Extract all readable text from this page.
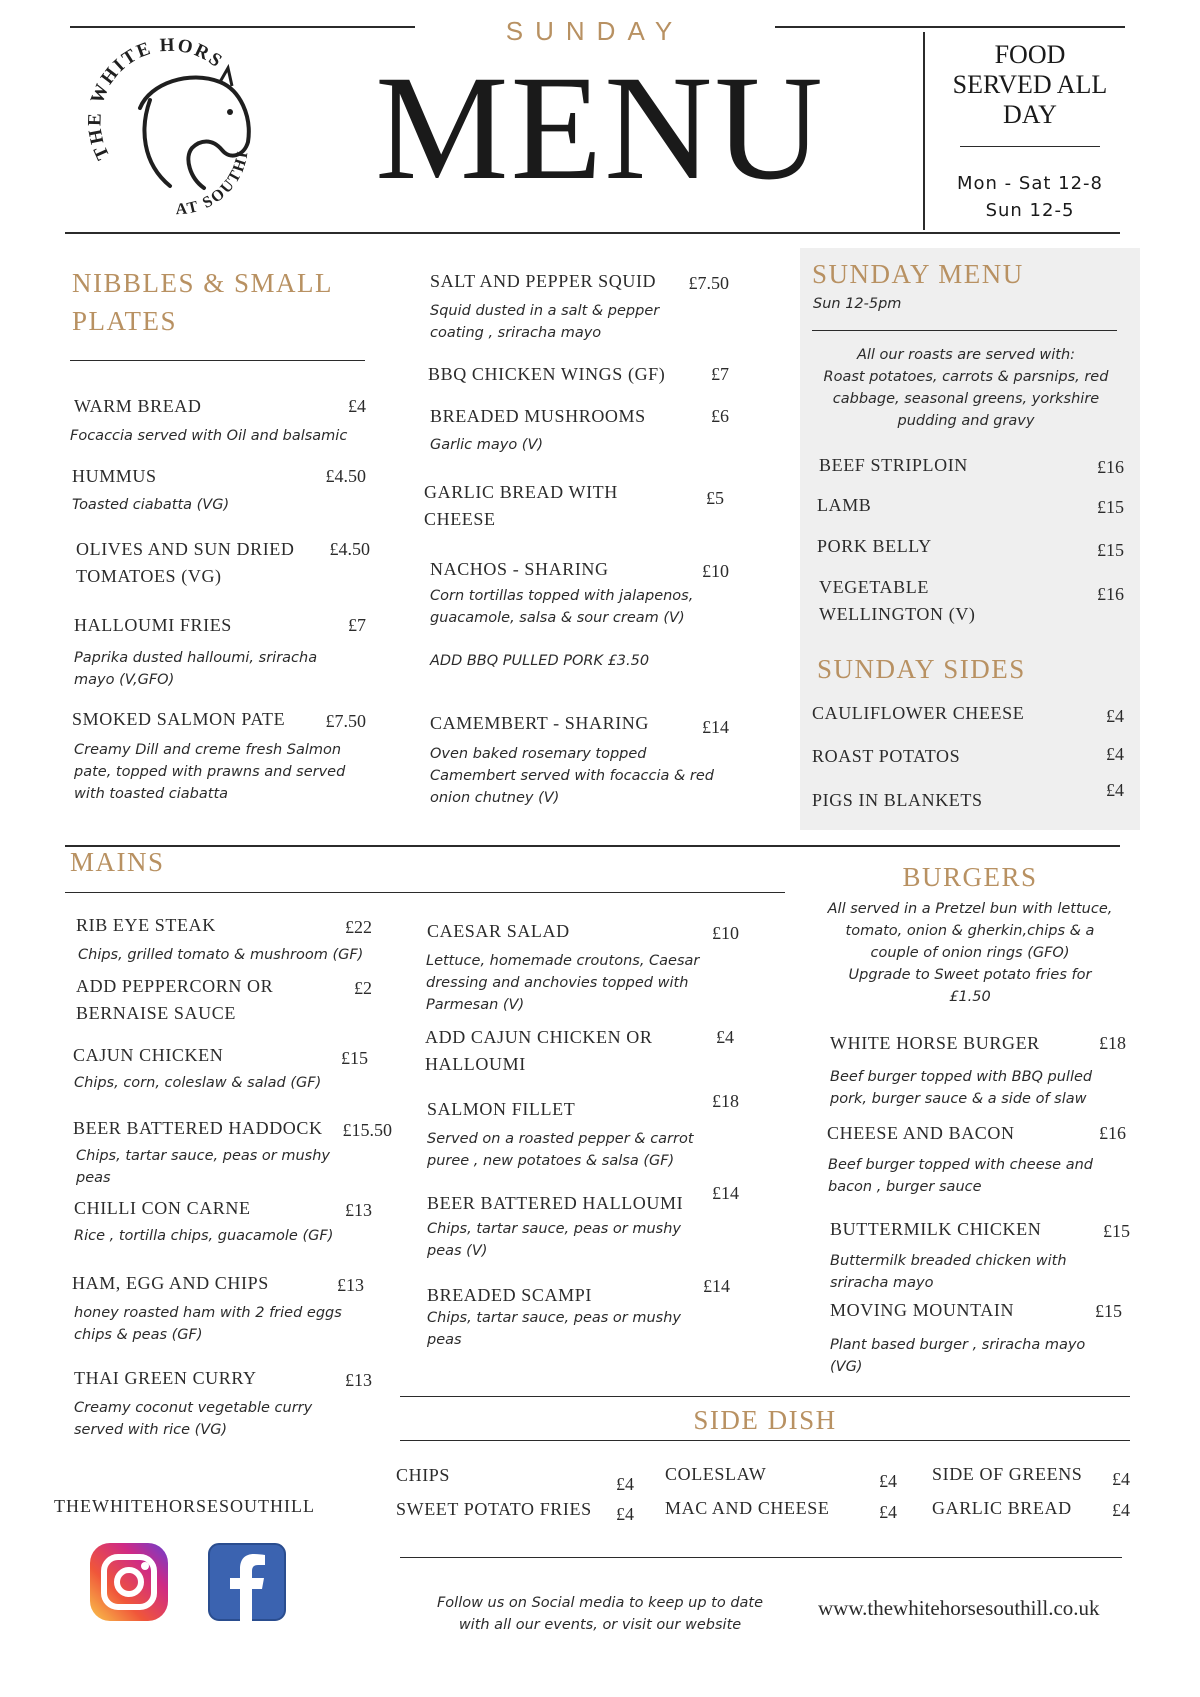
THE WHITE HORS
AT SOUTHI
SUNDAY
MENU	FOOD
SERVED ALL
DAY
Mon - Sat 12-8
Sun 12-5
NIBBLES & SMALL
PLATES
WARM BREAD	£4
Focaccia served with Oil and balsamic
HUMMUS	£4.50
Toasted ciabatta (VG)
OLIVES AND SUN DRIED
TOMATOES (VG)
£4.50
HALLOUMI FRIES	£7
Paprika dusted halloumi, sriracha
mayo (V,GFO)
SMOKED SALMON PATE	£7.50
Creamy Dill and creme fresh Salmon
pate, topped with prawns and served
with toasted ciabatta
SALT AND PEPPER SQUID	£7.50
Squid dusted in a salt & pepper
coating , sriracha mayo
BBQ CHICKEN WINGS (GF)	£7
BREADED MUSHROOMS	£6
Garlic mayo (V)
GARLIC BREAD WITH
CHEESE
£5
NACHOS - SHARING	£10
Corn tortillas topped with jalapenos,
guacamole, salsa & sour cream (V)
ADD BBQ PULLED PORK £3.50
CAMEMBERT - SHARING	£14
Oven baked rosemary topped
Camembert served with focaccia & red
onion chutney (V)
SUNDAY MENU
Sun 12-5pm
All our roasts are served with:
Roast potatoes, carrots & parsnips, red
cabbage, seasonal greens, yorkshire
pudding and gravy
BEEF STRIPLOIN	£16
LAMB	£15
PORK BELLY	£15
VEGETABLE
WELLINGTON (V)
£16
SUNDAY SIDES
CAULIFLOWER CHEESE	£4
ROAST POTATOS	£4
PIGS IN BLANKETS	£4
MAINS
RIB EYE STEAK	£22
Chips, grilled tomato & mushroom (GF)
ADD PEPPERCORN OR
BERNAISE SAUCE
£2
CAJUN CHICKEN	£15
Chips, corn, coleslaw & salad (GF)
BEER BATTERED HADDOCK	£15.50
Chips, tartar sauce, peas or mushy
peas
CHILLI CON CARNE	£13
Rice , tortilla chips, guacamole (GF)
HAM, EGG AND CHIPS	£13
honey roasted ham with 2 fried eggs
chips & peas (GF)
THAI GREEN CURRY	£13
Creamy coconut vegetable curry
served with rice (VG)
CAESAR SALAD	£10
Lettuce, homemade croutons, Caesar
dressing and anchovies topped with
Parmesan (V)
ADD CAJUN CHICKEN OR
HALLOUMI
£4
SALMON FILLET	£18
Served on a roasted pepper & carrot
puree , new potatoes & salsa (GF)
BEER BATTERED HALLOUMI	£14
Chips, tartar sauce, peas or mushy
peas (V)
BREADED SCAMPI	£14
Chips, tartar sauce, peas or mushy
peas
BURGERS
All served in a Pretzel bun with lettuce,
tomato, onion & gherkin,chips & a
couple of onion rings (GFO)
Upgrade to Sweet potato fries for
£1.50
WHITE HORSE BURGER	£18
Beef burger topped with BBQ pulled
pork, burger sauce & a side of slaw
CHEESE AND BACON	£16
Beef burger topped with cheese and
bacon , burger sauce
BUTTERMILK CHICKEN	£15
Buttermilk breaded chicken with
sriracha mayo
MOVING MOUNTAIN	£15
Plant based burger , sriracha mayo
(VG)
SIDE DISH
CHIPS	£4
SWEET POTATO FRIES	£4
COLESLAW	£4
MAC AND CHEESE	£4
SIDE OF GREENS	£4
GARLIC BREAD	£4
THEWHITEHORSESOUTHILL
Follow us on Social media to keep up to date
with all our events, or visit our website
www.thewhitehorsesouthill.co.uk
